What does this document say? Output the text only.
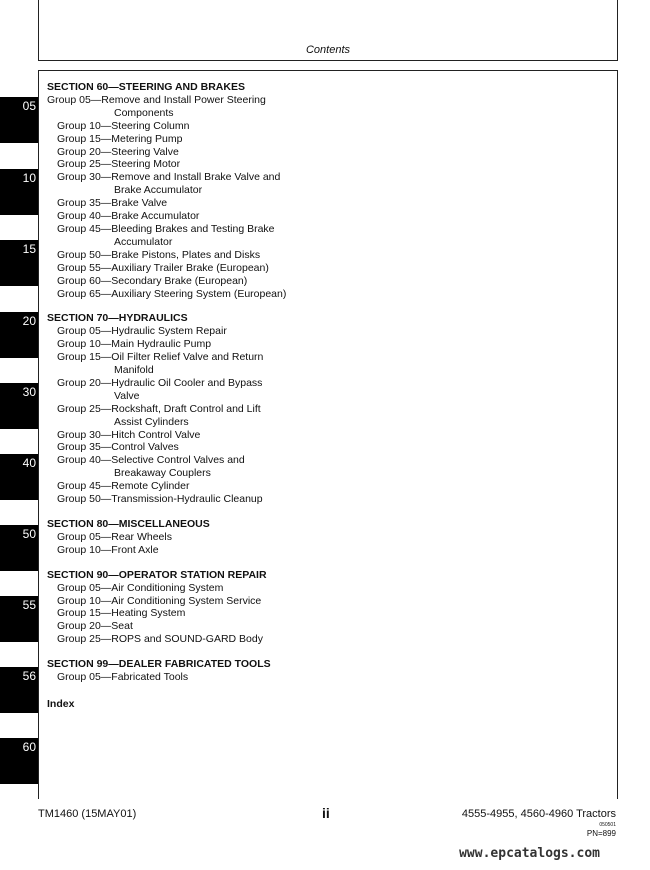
Contents
05
10
15
20
30
40
50
55
56
60
SECTION 60—STEERING AND BRAKES
Group 05—Remove and Install Power Steering
Components
Group 10—Steering Column
Group 15—Metering Pump
Group 20—Steering Valve
Group 25—Steering Motor
Group 30—Remove and Install Brake Valve and
Brake Accumulator
Group 35—Brake Valve
Group 40—Brake Accumulator
Group 45—Bleeding Brakes and Testing Brake
Accumulator
Group 50—Brake Pistons, Plates and Disks
Group 55—Auxiliary Trailer Brake (European)
Group 60—Secondary Brake (European)
Group 65—Auxiliary Steering System (European)
SECTION 70—HYDRAULICS
Group 05—Hydraulic System Repair
Group 10—Main Hydraulic Pump
Group 15—Oil Filter Relief Valve and Return
Manifold
Group 20—Hydraulic Oil Cooler and Bypass
Valve
Group 25—Rockshaft, Draft Control and Lift
Assist Cylinders
Group 30—Hitch Control Valve
Group 35—Control Valves
Group 40—Selective Control Valves and
Breakaway Couplers
Group 45—Remote Cylinder
Group 50—Transmission-Hydraulic Cleanup
SECTION 80—MISCELLANEOUS
Group 05—Rear Wheels
Group 10—Front Axle
SECTION 90—OPERATOR STATION REPAIR
Group 05—Air Conditioning System
Group 10—Air Conditioning System Service
Group 15—Heating System
Group 20—Seat
Group 25—ROPS and SOUND-GARD Body
SECTION 99—DEALER FABRICATED TOOLS
Group 05—Fabricated Tools
Index
TM1460 (15MAY01)	ii	4555-4955, 4560-4960 Tractors
050501
PN=899
www.epcatalogs.com
